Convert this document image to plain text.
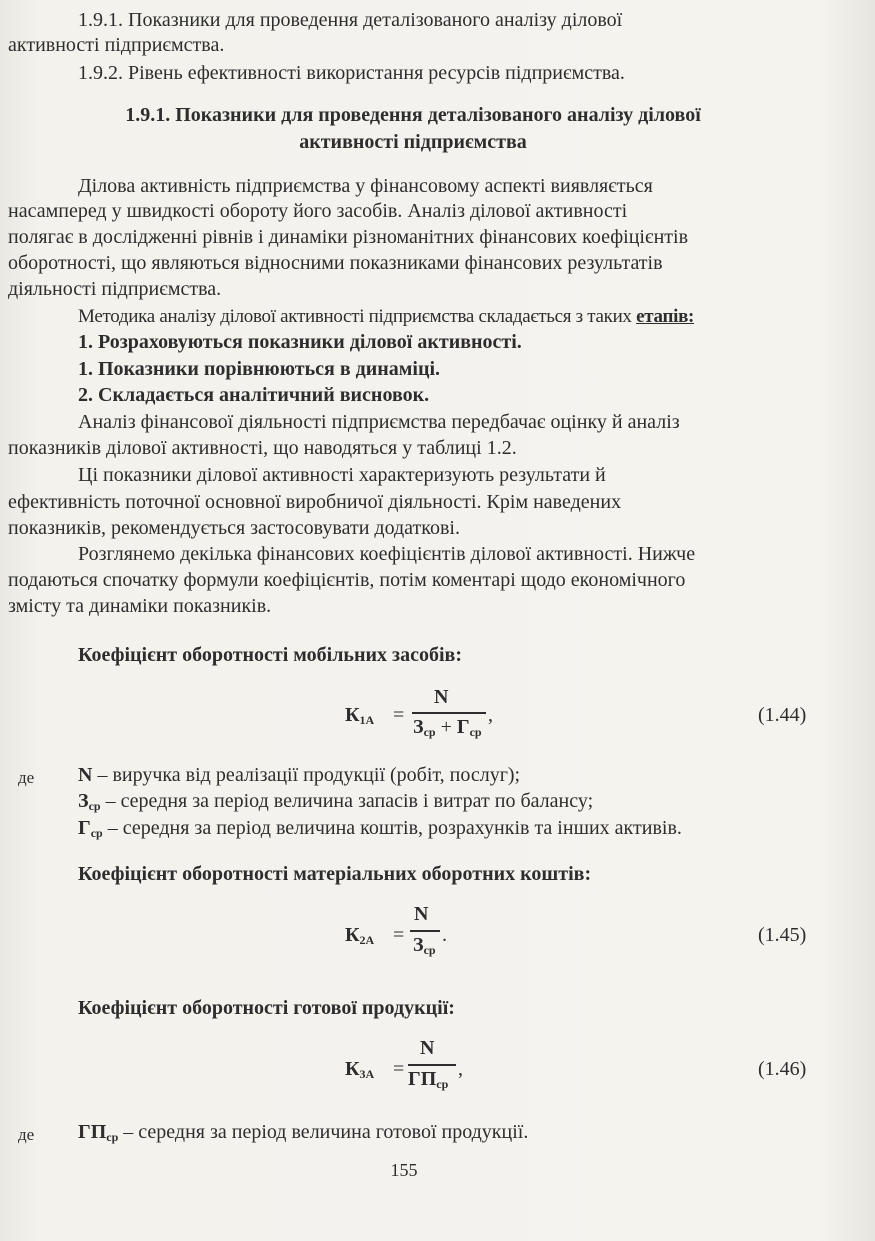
1.9.1. Показники для проведення деталізованого аналізу ділової

активності підприємства.

1.9.2. Рівень ефективності використання ресурсів підприємства.

1.9.1. Показники для проведення деталізованого аналізу ділової

активності підприємства

Ділова активність підприємства у фінансовому аспекті виявляється

насамперед у швидкості обороту його засобів. Аналіз ділової активності

полягає в дослідженні рівнів і динаміки різноманітних фінансових коефіцієнтів

оборотності, що являються відносними показниками фінансових результатів

діяльності підприємства.

Методика аналізу ділової активності підприємства складається з таких етапів:

1. Розраховуються показники ділової активності.

1. Показники порівнюються в динаміці.

2. Складається аналітичний висновок.

Аналіз фінансової діяльності підприємства передбачає оцінку й аналіз

показників ділової активності, що наводяться у таблиці 1.2.

Ці показники ділової активності характеризують результати й

ефективність поточної основної виробничої діяльності. Крім наведених

показників, рекомендується застосовувати додаткові.

Розглянемо декілька фінансових коефіцієнтів ділової активності. Нижче

подаються спочатку формули коефіцієнтів, потім коментарі щодо економічного

змісту та динаміки показників.

Коефіцієнт оборотності мобільних засобів:

$К_{1А}$ =
N
$З_{ср} + Г_{ср}$
,	(1.44)
де	N – виручка від реалізації продукції (робіт, послуг);

$З_{ср}$ – середня за період величина запасів і витрат по балансу;

$Г_{ср}$ – середня за період величина коштів, розрахунків та інших активів.

Коефіцієнт оборотності матеріальних оборотних коштів:

$К_{2А}$ =
N
$З_{ср}$
.	(1.45)

Коефіцієнт оборотності готової продукції:

$К_{3А}$ =
N
$ГП_{ср}$
,	(1.46)
де	$ГП_{ср}$ – середня за період величина готової продукції.

155
